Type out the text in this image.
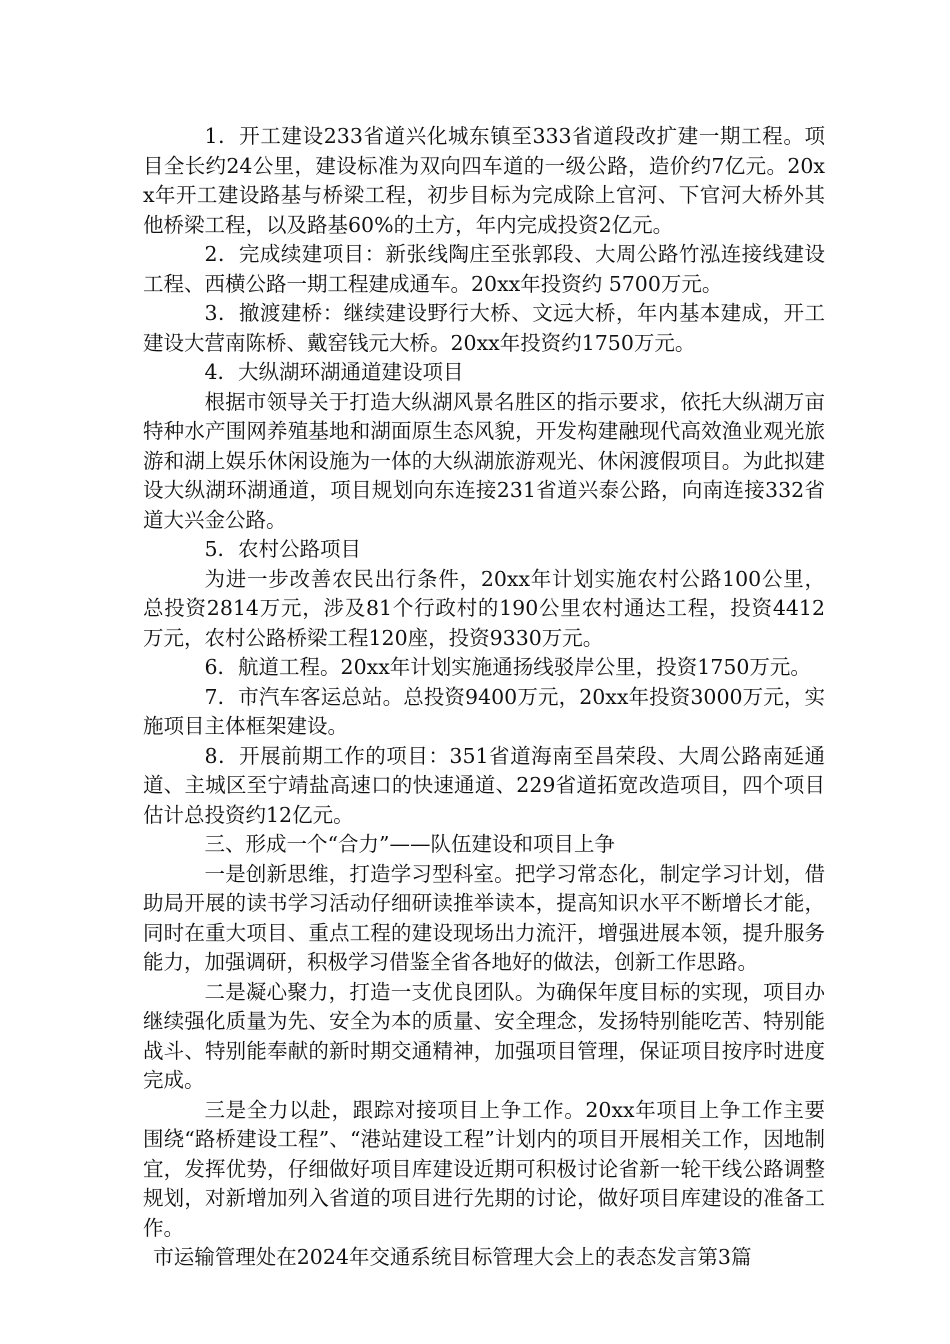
1．开工建设233省道兴化城东镇至333省道段改扩建一期工程。项目全长约24公里，建设标准为双向四车道的一级公路，造价约7亿元。20xx年开工建设路基与桥梁工程，初步目标为完成除上官河、下官河大桥外其他桥梁工程，以及路基60%的土方，年内完成投资2亿元。

2．完成续建项目：新张线陶庄至张郭段、大周公路竹泓连接线建设工程、西横公路一期工程建成通车。20xx年投资约 5700万元。

3．撤渡建桥：继续建设野行大桥、文远大桥，年内基本建成，开工建设大营南陈桥、戴窑钱元大桥。20xx年投资约1750万元。

4．大纵湖环湖通道建设项目

根据市领导关于打造大纵湖风景名胜区的指示要求，依托大纵湖万亩特种水产围网养殖基地和湖面原生态风貌，开发构建融现代高效渔业观光旅游和湖上娱乐休闲设施为一体的大纵湖旅游观光、休闲渡假项目。为此拟建设大纵湖环湖通道，项目规划向东连接231省道兴泰公路，向南连接332省道大兴金公路。

5．农村公路项目

为进一步改善农民出行条件，20xx年计划实施农村公路100公里，总投资2814万元，涉及81个行政村的190公里农村通达工程，投资4412万元，农村公路桥梁工程120座，投资9330万元。

6．航道工程。20xx年计划实施通扬线驳岸公里，投资1750万元。

7．市汽车客运总站。总投资9400万元，20xx年投资3000万元，实施项目主体框架建设。

8．开展前期工作的项目：351省道海南至昌荣段、大周公路南延通道、主城区至宁靖盐高速口的快速通道、229省道拓宽改造项目，四个项目估计总投资约12亿元。

三、形成一个“合力”——队伍建设和项目上争

一是创新思维，打造学习型科室。把学习常态化，制定学习计划，借助局开展的读书学习活动仔细研读推举读本，提高知识水平不断增长才能，同时在重大项目、重点工程的建设现场出力流汗，增强进展本领，提升服务能力，加强调研，积极学习借鉴全省各地好的做法，创新工作思路。

二是凝心聚力，打造一支优良团队。为确保年度目标的实现，项目办继续强化质量为先、安全为本的质量、安全理念，发扬特别能吃苦、特别能战斗、特别能奉献的新时期交通精神，加强项目管理，保证项目按序时进度完成。

三是全力以赴，跟踪对接项目上争工作。20xx年项目上争工作主要围绕“路桥建设工程”、“港站建设工程”计划内的项目开展相关工作，因地制宜，发挥优势，仔细做好项目库建设近期可积极讨论省新一轮干线公路调整规划，对新增加列入省道的项目进行先期的讨论，做好项目库建设的准备工作。

市运输管理处在2024年交通系统目标管理大会上的表态发言第3篇
